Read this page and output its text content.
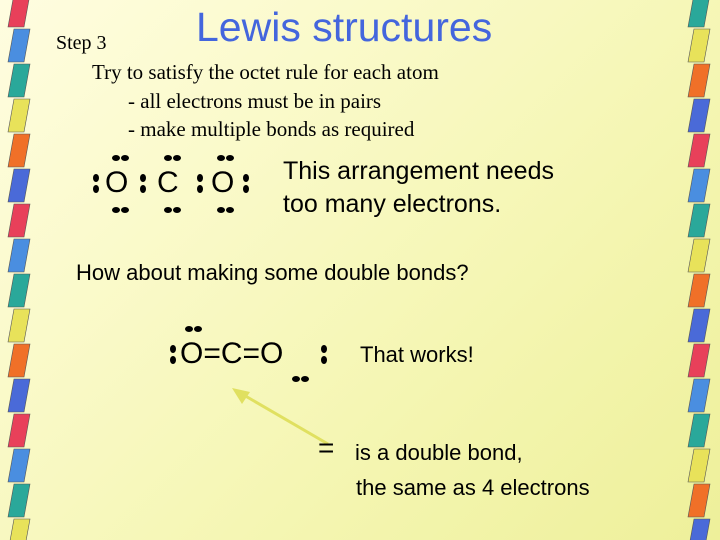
Lewis structures
Step 3
Try to satisfy the octet rule for each atom
- all electrons must be in pairs
- make multiple bonds as required
O C O This arrangement needs
too many electrons.
How about making some double bonds?
O=C=O	That works!
= is a double bond,
the same as 4 electrons
